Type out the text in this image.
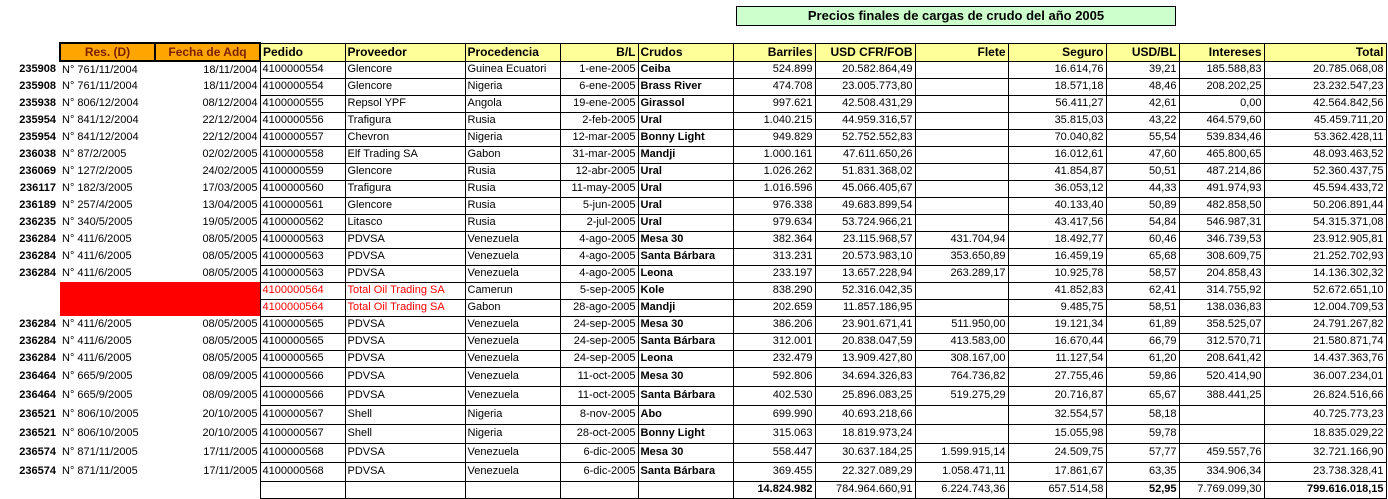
Precios finales de cargas de crudo del año 2005
	Res. (D)	Fecha de Adq	Pedido	Proveedor	Procedencia	B/L	Crudos	Barriles	USD CFR/FOB	Flete	Seguro	USD/BL	Intereses	Total
235908	N° 761/11/2004	18/11/2004	4100000554	Glencore	Guinea Ecuatori	1-ene-2005	Ceiba	524.899	20.582.864,49		16.614,76	39,21	185.588,83	20.785.068,08
235908	N° 761/11/2004	18/11/2004	4100000554	Glencore	Nigeria	6-ene-2005	Brass River	474.708	23.005.773,80		18.571,18	48,46	208.202,25	23.232.547,23
235938	N° 806/12/2004	08/12/2004	4100000555	Repsol YPF	Angola	19-ene-2005	Girassol	997.621	42.508.431,29		56.411,27	42,61	0,00	42.564.842,56
235954	N° 841/12/2004	22/12/2004	4100000556	Trafigura	Rusia	2-feb-2005	Ural	1.040.215	44.959.316,57		35.815,03	43,22	464.579,60	45.459.711,20
235954	N° 841/12/2004	22/12/2004	4100000557	Chevron	Nigeria	12-mar-2005	Bonny Light	949.829	52.752.552,83		70.040,82	55,54	539.834,46	53.362.428,11
236038	N° 87/2/2005	02/02/2005	4100000558	Elf Trading SA	Gabon	31-mar-2005	Mandji	1.000.161	47.611.650,26		16.012,61	47,60	465.800,65	48.093.463,52
236069	N° 127/2/2005	24/02/2005	4100000559	Glencore	Rusia	12-abr-2005	Ural	1.026.262	51.831.368,02		41.854,87	50,51	487.214,86	52.360.437,75
236117	N° 182/3/2005	17/03/2005	4100000560	Trafigura	Rusia	11-may-2005	Ural	1.016.596	45.066.405,67		36.053,12	44,33	491.974,93	45.594.433,72
236189	N° 257/4/2005	13/04/2005	4100000561	Glencore	Rusia	5-jun-2005	Ural	976.338	49.683.899,54		40.133,40	50,89	482.858,50	50.206.891,44
236235	N° 340/5/2005	19/05/2005	4100000562	Litasco	Rusia	2-jul-2005	Ural	979.634	53.724.966,21		43.417,56	54,84	546.987,31	54.315.371,08
236284	N° 411/6/2005	08/05/2005	4100000563	PDVSA	Venezuela	4-ago-2005	Mesa 30	382.364	23.115.968,57	431.704,94	18.492,77	60,46	346.739,53	23.912.905,81
236284	N° 411/6/2005	08/05/2005	4100000563	PDVSA	Venezuela	4-ago-2005	Santa Bárbara	313.231	20.573.983,10	353.650,89	16.459,19	65,68	308.609,75	21.252.702,93
236284	N° 411/6/2005	08/05/2005	4100000563	PDVSA	Venezuela	4-ago-2005	Leona	233.197	13.657.228,94	263.289,17	10.925,78	58,57	204.858,43	14.136.302,32
			4100000564	Total Oil Trading SA	Camerun	5-sep-2005	Kole	838.290	52.316.042,35		41.852,83	62,41	314.755,92	52.672.651,10
			4100000564	Total Oil Trading SA	Gabon	28-ago-2005	Mandji	202.659	11.857.186,95		9.485,75	58,51	138.036,83	12.004.709,53
236284	N° 411/6/2005	08/05/2005	4100000565	PDVSA	Venezuela	24-sep-2005	Mesa 30	386.206	23.901.671,41	511.950,00	19.121,34	61,89	358.525,07	24.791.267,82
236284	N° 411/6/2005	08/05/2005	4100000565	PDVSA	Venezuela	24-sep-2005	Santa Bárbara	312.001	20.838.047,59	413.583,00	16.670,44	66,79	312.570,71	21.580.871,74
236284	N° 411/6/2005	08/05/2005	4100000565	PDVSA	Venezuela	24-sep-2005	Leona	232.479	13.909.427,80	308.167,00	11.127,54	61,20	208.641,42	14.437.363,76
236464	N° 665/9/2005	08/09/2005	4100000566	PDVSA	Venezuela	11-oct-2005	Mesa 30	592.806	34.694.326,83	764.736,82	27.755,46	59,86	520.414,90	36.007.234,01
236464	N° 665/9/2005	08/09/2005	4100000566	PDVSA	Venezuela	11-oct-2005	Santa Bárbara	402.530	25.896.083,25	519.275,29	20.716,87	65,67	388.441,25	26.824.516,66
236521	N° 806/10/2005	20/10/2005	4100000567	Shell	Nigeria	8-nov-2005	Abo	699.990	40.693.218,66		32.554,57	58,18		40.725.773,23
236521	N° 806/10/2005	20/10/2005	4100000567	Shell	Nigeria	28-oct-2005	Bonny Light	315.063	18.819.973,24		15.055,98	59,78		18.835.029,22
236574	N° 871/11/2005	17/11/2005	4100000568	PDVSA	Venezuela	6-dic-2005	Mesa 30	558.447	30.637.184,25	1.599.915,14	24.509,75	57,77	459.557,76	32.721.166,90
236574	N° 871/11/2005	17/11/2005	4100000568	PDVSA	Venezuela	6-dic-2005	Santa Bárbara	369.455	22.327.089,29	1.058.471,11	17.861,67	63,35	334.906,34	23.738.328,41
								14.824.982	784.964.660,91	6.224.743,36	657.514,58	52,95	7.769.099,30	799.616.018,15
